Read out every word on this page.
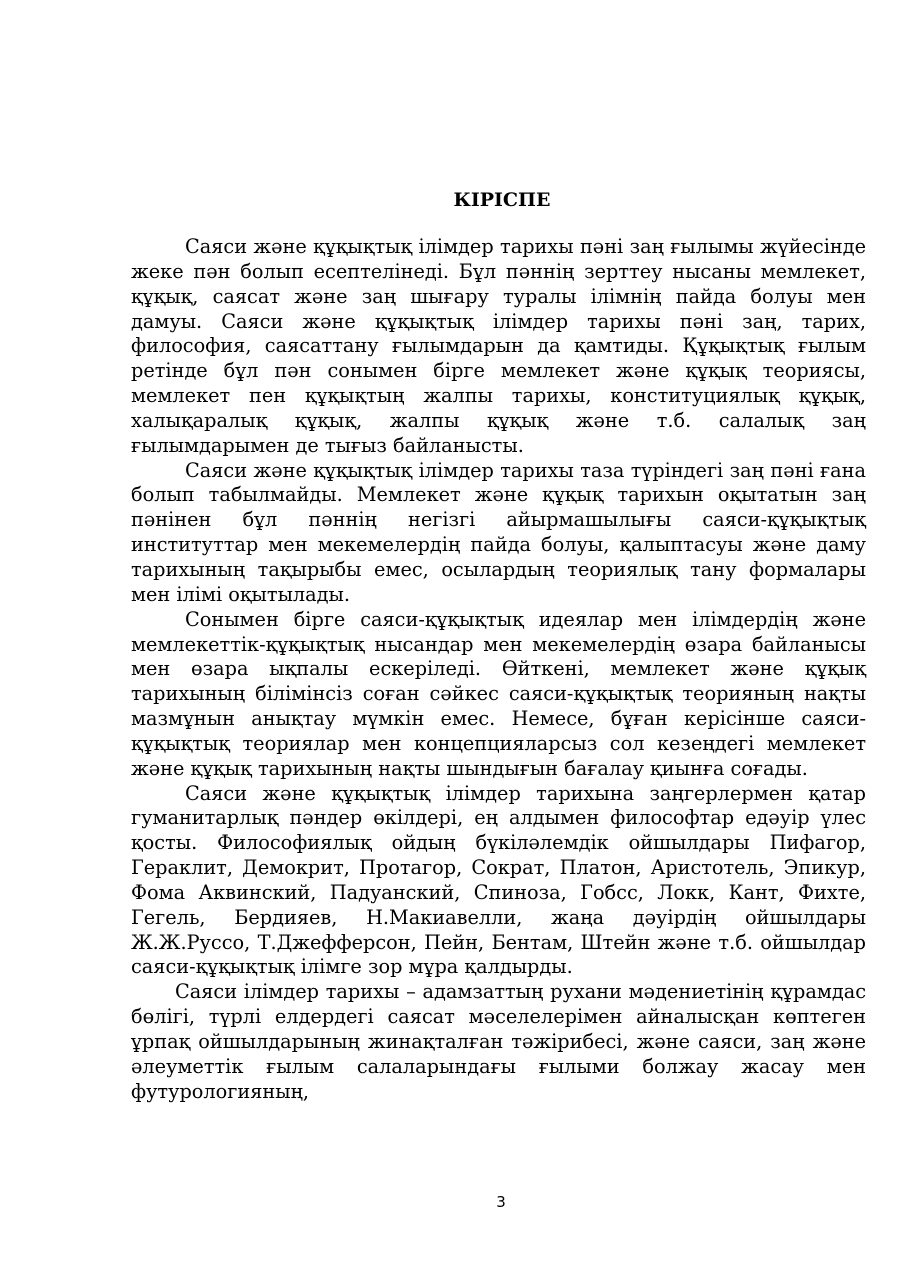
КІРІСПЕ

Саяси және құқықтық ілімдер тарихы пәні заң ғылымы жүйесінде жеке пән болып есептелінеді. Бұл пәннің зерттеу нысаны мемлекет, құқық, саясат және заң шығару туралы ілімнің пайда болуы мен дамуы. Саяси және құқықтық ілімдер тарихы пәні заң, тарих, философия, саясаттану ғылымдарын да қамтиды. Құқықтық ғылым ретінде бұл пән сонымен бірге мемлекет және құқық теориясы, мемлекет пен құқықтың жалпы тарихы, конституциялық құқық, халықаралық құқық, жалпы құқық және т.б. салалық заң ғылымдарымен де тығыз байланысты.

Саяси және құқықтық ілімдер тарихы таза түріндегі заң пәні ғана болып табылмайды. Мемлекет және құқық тарихын оқытатын заң пәнінен бұл пәннің негізгі айырмашылығы саяси-құқықтық институттар мен мекемелердің пайда болуы, қалыптасуы және даму тарихының тақырыбы емес, осылардың теориялық тану формалары мен ілімі оқытылады.

Сонымен бірге саяси-құқықтық идеялар мен ілімдердің және мемлекеттік-құқықтық нысандар мен мекемелердің өзара байланысы мен өзара ықпалы ескеріледі. Өйткені, мемлекет және құқық тарихының білімінсіз соған сәйкес саяси-құқықтық теорияның нақты мазмұнын анықтау мүмкін емес. Немесе, бұған керісінше саяси-құқықтық теориялар мен концепцияларсыз сол кезеңдегі мемлекет және құқық тарихының нақты шындығын бағалау қиынға соғады.

Саяси және құқықтық ілімдер тарихына заңгерлермен қатар гуманитарлық пәндер өкілдері, ең алдымен философтар едәуір үлес қосты. Философиялық ойдың бүкіләлемдік ойшылдары Пифагор, Гераклит, Демокрит, Протагор, Сократ, Платон, Аристотель, Эпикур, Фома Аквинский, Падуанский, Спиноза, Гобсс, Локк, Кант, Фихте, Гегель, Бердияев, Н.Макиавелли, жаңа дәуірдің ойшылдары Ж.Ж.Руссо, Т.Джефферсон, Пейн, Бентам, Штейн және т.б. ойшылдар саяси-құқықтық ілімге зор мұра қалдырды.

Саяси ілімдер тарихы – адамзаттың рухани мәдениетінің құрамдас бөлігі, түрлі елдердегі саясат мәселелерімен айналысқан көптеген ұрпақ ойшылдарының жинақталған тәжірибесі, және саяси, заң және әлеуметтік ғылым салаларындағы ғылыми болжау жасау мен футурологияның,

3
